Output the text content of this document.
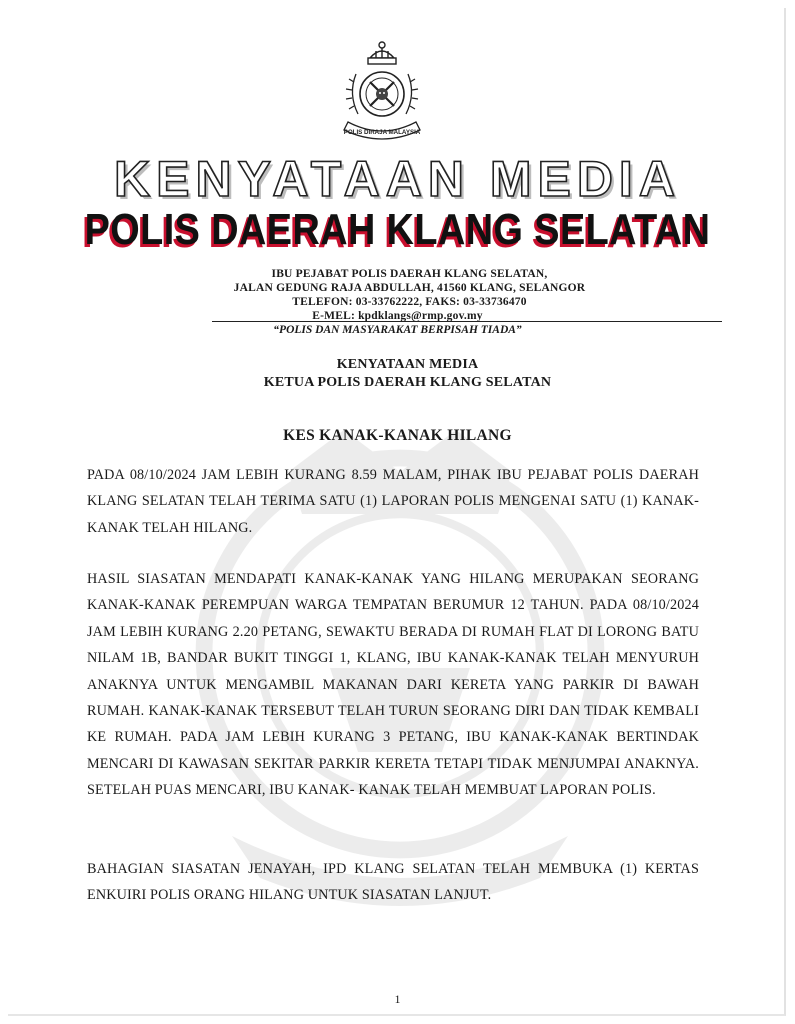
POLIS DIRAJA MALAYSIA
KENYATAAN MEDIA
POLIS DAERAH KLANG SELATAN
IBU PEJABAT POLIS DAERAH KLANG SELATAN,
JALAN GEDUNG RAJA ABDULLAH, 41560 KLANG, SELANGOR
TELEFON: 03-33762222, FAKS: 03-33736470
E-MEL: kpdklangs@rmp.gov.my
“POLIS DAN MASYARAKAT BERPISAH TIADA”
KENYATAAN MEDIA
KETUA POLIS DAERAH KLANG SELATAN
KES KANAK-KANAK HILANG
PADA 08/10/2024 JAM LEBIH KURANG 8.59 MALAM, PIHAK IBU PEJABAT POLIS DAERAH KLANG SELATAN TELAH TERIMA SATU (1) LAPORAN POLIS MENGENAI SATU (1) KANAK-KANAK TELAH HILANG.
HASIL SIASATAN MENDAPATI KANAK-KANAK YANG HILANG MERUPAKAN SEORANG KANAK-KANAK PEREMPUAN WARGA TEMPATAN BERUMUR 12 TAHUN. PADA 08/10/2024 JAM LEBIH KURANG 2.20 PETANG, SEWAKTU BERADA DI RUMAH FLAT DI LORONG BATU NILAM 1B, BANDAR BUKIT TINGGI 1, KLANG, IBU KANAK-KANAK TELAH MENYURUH ANAKNYA UNTUK MENGAMBIL MAKANAN DARI KERETA YANG PARKIR DI BAWAH RUMAH. KANAK-KANAK TERSEBUT TELAH TURUN SEORANG DIRI DAN TIDAK KEMBALI KE RUMAH. PADA JAM LEBIH KURANG 3 PETANG, IBU KANAK-KANAK BERTINDAK MENCARI DI KAWASAN SEKITAR PARKIR KERETA TETAPI TIDAK MENJUMPAI ANAKNYA. SETELAH PUAS MENCARI, IBU KANAK- KANAK TELAH MEMBUAT LAPORAN POLIS.
BAHAGIAN SIASATAN JENAYAH, IPD KLANG SELATAN TELAH MEMBUKA (1) KERTAS ENKUIRI POLIS ORANG HILANG UNTUK SIASATAN LANJUT.
1
